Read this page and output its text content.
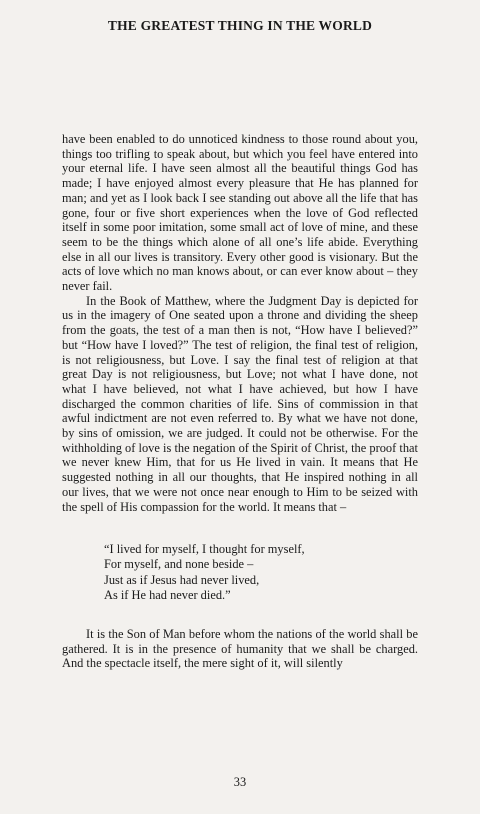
THE GREATEST THING IN THE WORLD

have been enabled to do unnoticed kindness to those round about you, things too trifling to speak about, but which you feel have entered into your eternal life. I have seen almost all the beautiful things God has made; I have enjoyed almost every pleasure that He has planned for man; and yet as I look back I see standing out above all the life that has gone, four or five short experiences when the love of God reflected itself in some poor imitation, some small act of love of mine, and these seem to be the things which alone of all one’s life abide. Everything else in all our lives is transitory. Every other good is visionary. But the acts of love which no man knows about, or can ever know about – they never fail.

In the Book of Matthew, where the Judgment Day is depicted for us in the imagery of One seated upon a throne and dividing the sheep from the goats, the test of a man then is not, “How have I believed?” but “How have I loved?” The test of religion, the final test of religion, is not religiousness, but Love. I say the final test of religion at that great Day is not religiousness, but Love; not what I have done, not what I have believed, not what I have achieved, but how I have discharged the common charities of life. Sins of commission in that awful indictment are not even referred to. By what we have not done, by sins of omission, we are judged. It could not be otherwise. For the withholding of love is the negation of the Spirit of Christ, the proof that we never knew Him, that for us He lived in vain. It means that He suggested nothing in all our thoughts, that He inspired nothing in all our lives, that we were not once near enough to Him to be seized with the spell of His compassion for the world. It means that –

“I lived for myself, I thought for myself,
For myself, and none beside –
Just as if Jesus had never lived,
As if He had never died.”

It is the Son of Man before whom the nations of the world shall be gathered. It is in the presence of humanity that we shall be charged. And the spectacle itself, the mere sight of it, will silently

33
